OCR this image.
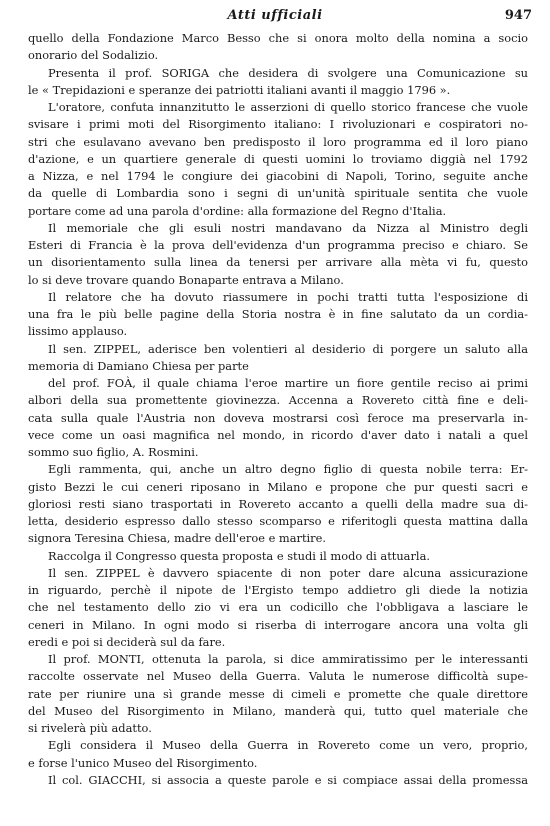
Atti ufficiali	947
quello della Fondazione Marco Besso che si onora molto della nomina a socio
onorario del Sodalizio.
Presenta il prof. SORIGA che desidera di svolgere una Comunicazione su
le « Trepidazioni e speranze dei patriotti italiani avanti il maggio 1796 ».
L'oratore, confuta innanzitutto le asserzioni di quello storico francese che vuole
svisare i primi moti del Risorgimento italiano: I rivoluzionari e cospiratori no-
stri che esulavano avevano ben predisposto il loro programma ed il loro piano
d'azione, e un quartiere generale di questi uomini lo troviamo diggià nel 1792
a Nizza, e nel 1794 le congiure dei giacobini di Napoli, Torino, seguite anche
da quelle di Lombardia sono i segni di un'unità spirituale sentita che vuole
portare come ad una parola d'ordine: alla formazione del Regno d'Italia.
Il memoriale che gli esuli nostri mandavano da Nizza al Ministro degli
Esteri di Francia è la prova dell'evidenza d'un programma preciso e chiaro. Se
un disorientamento sulla linea da tenersi per arrivare alla mèta vi fu, questo
lo si deve trovare quando Bonaparte entrava a Milano.
Il relatore che ha dovuto riassumere in pochi tratti tutta l'esposizione di
una fra le più belle pagine della Storia nostra è in fine salutato da un cordia-
lissimo applauso.
Il sen. ZIPPEL, aderisce ben volentieri al desiderio di porgere un saluto alla
memoria di Damiano Chiesa per parte
del prof. FOÀ, il quale chiama l'eroe martire un fiore gentile reciso ai primi
albori della sua promettente giovinezza. Accenna a Rovereto città fine e deli-
cata sulla quale l'Austria non doveva mostrarsi così feroce ma preservarla in-
vece come un oasi magnifica nel mondo, in ricordo d'aver dato i natali a quel
sommo suo figlio, A. Rosmini.
Egli rammenta, qui, anche un altro degno figlio di questa nobile terra: Er-
gisto Bezzi le cui ceneri riposano in Milano e propone che pur questi sacri e
gloriosi resti siano trasportati in Rovereto accanto a quelli della madre sua di-
letta, desiderio espresso dallo stesso scomparso e riferitogli questa mattina dalla
signora Teresina Chiesa, madre dell'eroe e martire.
Raccolga il Congresso questa proposta e studi il modo di attuarla.
Il sen. ZIPPEL è davvero spiacente di non poter dare alcuna assicurazione
in riguardo, perchè il nipote de l'Ergisto tempo addietro gli diede la notizia
che nel testamento dello zio vi era un codicillo che l'obbligava a lasciare le
ceneri in Milano. In ogni modo si riserba di interrogare ancora una volta gli
eredi e poi si deciderà sul da fare.
Il prof. MONTI, ottenuta la parola, si dice ammiratissimo per le interessanti
raccolte osservate nel Museo della Guerra. Valuta le numerose difficoltà supe-
rate per riunire una sì grande messe di cimeli e promette che quale direttore
del Museo del Risorgimento in Milano, manderà qui, tutto quel materiale che
si rivelerà più adatto.
Egli considera il Museo della Guerra in Rovereto come un vero, proprio,
e forse l'unico Museo del Risorgimento.
Il col. GIACCHI, si associa a queste parole e si compiace assai della promessa
